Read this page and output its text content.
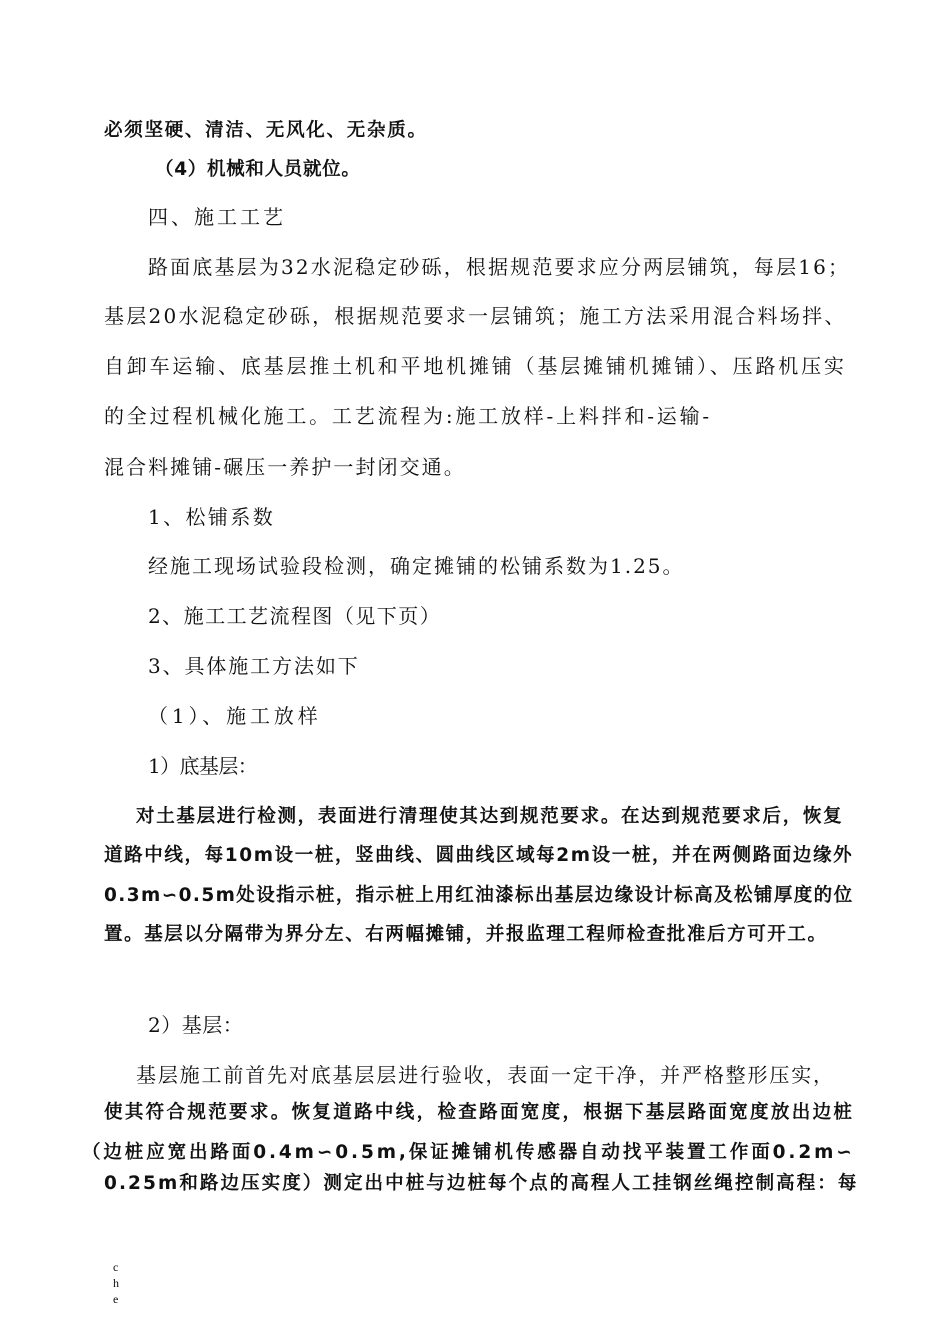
必须坚硬、清洁、无风化、无杂质。
（4）机械和人员就位。
四、施工工艺
路面底基层为32水泥稳定砂砾，根据规范要求应分两层铺筑，每层16；
基层20水泥稳定砂砾，根据规范要求一层铺筑；施工方法采用混合料场拌、
自卸车运输、底基层推土机和平地机摊铺（基层摊铺机摊铺）、压路机压实
的全过程机械化施工。工艺流程为:施工放样-上料拌和-运输-
混合料摊铺-碾压一养护一封闭交通。
1、松铺系数
经施工现场试验段检测，确定摊铺的松铺系数为1.25。
2、施工工艺流程图（见下页）
3、具体施工方法如下
（1）、施工放样
1）底基层：
对土基层进行检测，表面进行清理使其达到规范要求。在达到规范要求后，恢复
道路中线，每10m设一桩，竖曲线、圆曲线区域每2m设一桩，并在两侧路面边缘外
0.3m∽0.5m处设指示桩，指示桩上用红油漆标出基层边缘设计标高及松铺厚度的位
置。基层以分隔带为界分左、右两幅摊铺，并报监理工程师检查批准后方可开工。
2）基层：
基层施工前首先对底基层层进行验收，表面一定干净，并严格整形压实，
使其符合规范要求。恢复道路中线，检查路面宽度，根据下基层路面宽度放出边桩
（边桩应宽出路面0.4m∽0.5m,保证摊铺机传感器自动找平装置工作面0.2m∽
0.25m和路边压实度）测定出中桩与边桩每个点的高程人工挂钢丝绳控制高程：每
c
h
e
